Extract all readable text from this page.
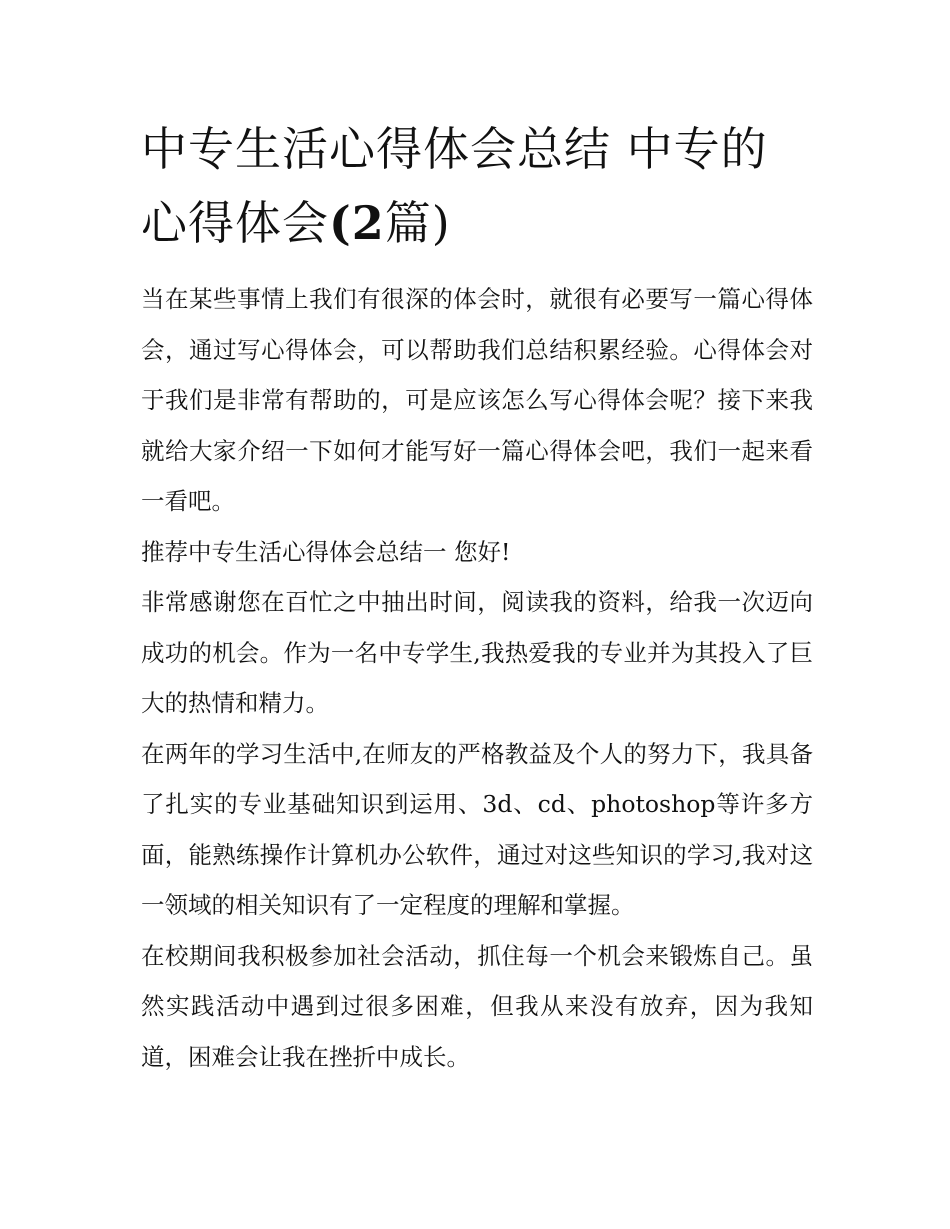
中专生活心得体会总结 中专的心得体会(2篇)

当在某些事情上我们有很深的体会时，就很有必要写一篇心得体会，通过写心得体会，可以帮助我们总结积累经验。心得体会对于我们是非常有帮助的，可是应该怎么写心得体会呢？接下来我就给大家介绍一下如何才能写好一篇心得体会吧，我们一起来看一看吧。

推荐中专生活心得体会总结一 您好!

非常感谢您在百忙之中抽出时间，阅读我的资料，给我一次迈向成功的机会。作为一名中专学生,我热爱我的专业并为其投入了巨大的热情和精力。

在两年的学习生活中,在师友的严格教益及个人的努力下，我具备了扎实的专业基础知识到运用、3d、cd、photoshop等许多方面，能熟练操作计算机办公软件，通过对这些知识的学习,我对这一领域的相关知识有了一定程度的理解和掌握。

在校期间我积极参加社会活动，抓住每一个机会来锻炼自己。虽然实践活动中遇到过很多困难，但我从来没有放弃，因为我知道，困难会让我在挫折中成长。
